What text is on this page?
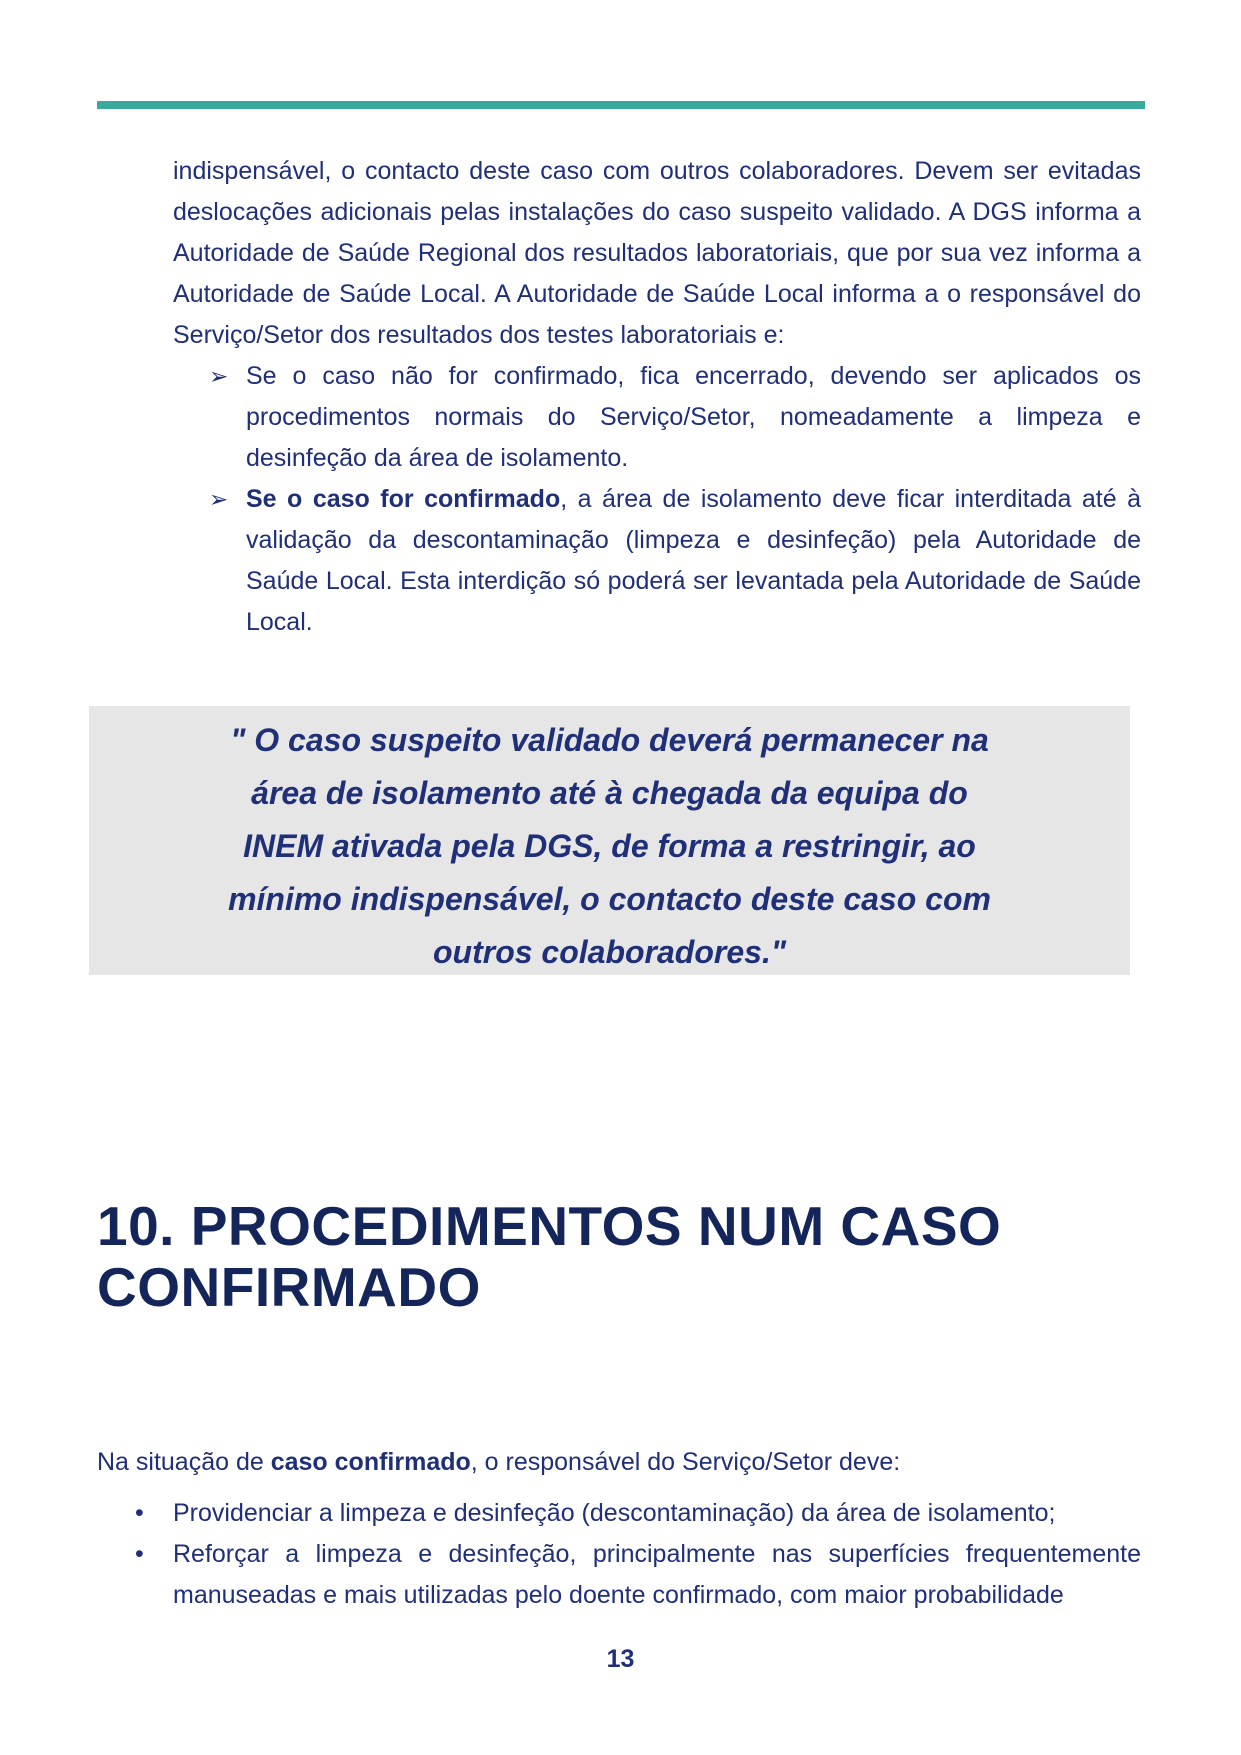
indispensável, o contacto deste caso com outros colaboradores. Devem ser evitadas deslocações adicionais pelas instalações do caso suspeito validado. A DGS informa a Autoridade de Saúde Regional dos resultados laboratoriais, que por sua vez informa a Autoridade de Saúde Local. A Autoridade de Saúde Local informa a o responsável do Serviço/Setor dos resultados dos testes laboratoriais e:

➢ Se o caso não for confirmado, fica encerrado, devendo ser aplicados os procedimentos normais do Serviço/Setor, nomeadamente a limpeza e desinfeção da área de isolamento.
➢ Se o caso for confirmado, a área de isolamento deve ficar interditada até à validação da descontaminação (limpeza e desinfeção) pela Autoridade de Saúde Local. Esta interdição só poderá ser levantada pela Autoridade de Saúde Local.

" O caso suspeito validado deverá permanecer na área de isolamento até à chegada da equipa do INEM ativada pela DGS, de forma a restringir, ao mínimo indispensável, o contacto deste caso com outros colaboradores."

10. PROCEDIMENTOS NUM CASO CONFIRMADO

Na situação de caso confirmado, o responsável do Serviço/Setor deve:

• Providenciar a limpeza e desinfeção (descontaminação) da área de isolamento;
• Reforçar a limpeza e desinfeção, principalmente nas superfícies frequentemente manuseadas e mais utilizadas pelo doente confirmado, com maior probabilidade
13
